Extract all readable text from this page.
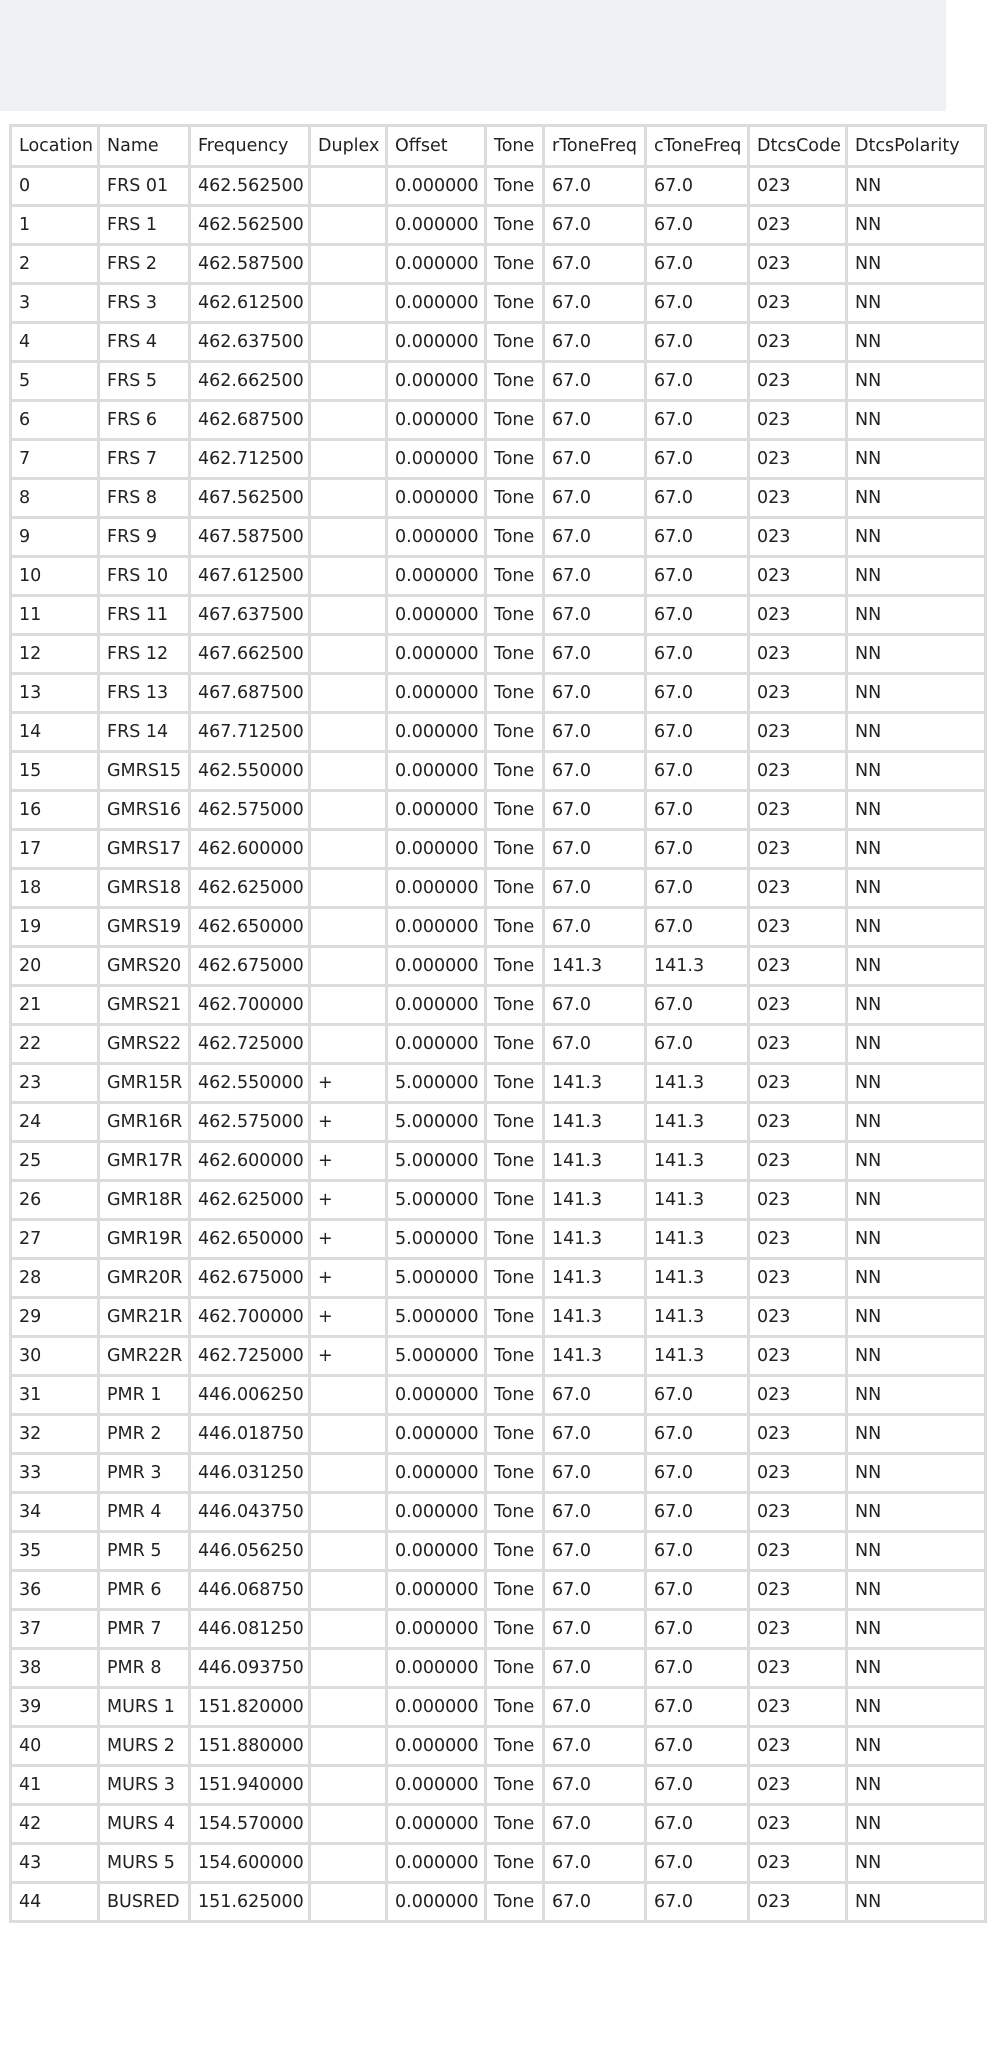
Location	Name	Frequency	Duplex	Offset	Tone	rToneFreq	cToneFreq	DtcsCode	DtcsPolarity
0	FRS 01	462.562500		0.000000	Tone	67.0	67.0	023	NN
1	FRS 1	462.562500		0.000000	Tone	67.0	67.0	023	NN
2	FRS 2	462.587500		0.000000	Tone	67.0	67.0	023	NN
3	FRS 3	462.612500		0.000000	Tone	67.0	67.0	023	NN
4	FRS 4	462.637500		0.000000	Tone	67.0	67.0	023	NN
5	FRS 5	462.662500		0.000000	Tone	67.0	67.0	023	NN
6	FRS 6	462.687500		0.000000	Tone	67.0	67.0	023	NN
7	FRS 7	462.712500		0.000000	Tone	67.0	67.0	023	NN
8	FRS 8	467.562500		0.000000	Tone	67.0	67.0	023	NN
9	FRS 9	467.587500		0.000000	Tone	67.0	67.0	023	NN
10	FRS 10	467.612500		0.000000	Tone	67.0	67.0	023	NN
11	FRS 11	467.637500		0.000000	Tone	67.0	67.0	023	NN
12	FRS 12	467.662500		0.000000	Tone	67.0	67.0	023	NN
13	FRS 13	467.687500		0.000000	Tone	67.0	67.0	023	NN
14	FRS 14	467.712500		0.000000	Tone	67.0	67.0	023	NN
15	GMRS15	462.550000		0.000000	Tone	67.0	67.0	023	NN
16	GMRS16	462.575000		0.000000	Tone	67.0	67.0	023	NN
17	GMRS17	462.600000		0.000000	Tone	67.0	67.0	023	NN
18	GMRS18	462.625000		0.000000	Tone	67.0	67.0	023	NN
19	GMRS19	462.650000		0.000000	Tone	67.0	67.0	023	NN
20	GMRS20	462.675000		0.000000	Tone	141.3	141.3	023	NN
21	GMRS21	462.700000		0.000000	Tone	67.0	67.0	023	NN
22	GMRS22	462.725000		0.000000	Tone	67.0	67.0	023	NN
23	GMR15R	462.550000	+	5.000000	Tone	141.3	141.3	023	NN
24	GMR16R	462.575000	+	5.000000	Tone	141.3	141.3	023	NN
25	GMR17R	462.600000	+	5.000000	Tone	141.3	141.3	023	NN
26	GMR18R	462.625000	+	5.000000	Tone	141.3	141.3	023	NN
27	GMR19R	462.650000	+	5.000000	Tone	141.3	141.3	023	NN
28	GMR20R	462.675000	+	5.000000	Tone	141.3	141.3	023	NN
29	GMR21R	462.700000	+	5.000000	Tone	141.3	141.3	023	NN
30	GMR22R	462.725000	+	5.000000	Tone	141.3	141.3	023	NN
31	PMR 1	446.006250		0.000000	Tone	67.0	67.0	023	NN
32	PMR 2	446.018750		0.000000	Tone	67.0	67.0	023	NN
33	PMR 3	446.031250		0.000000	Tone	67.0	67.0	023	NN
34	PMR 4	446.043750		0.000000	Tone	67.0	67.0	023	NN
35	PMR 5	446.056250		0.000000	Tone	67.0	67.0	023	NN
36	PMR 6	446.068750		0.000000	Tone	67.0	67.0	023	NN
37	PMR 7	446.081250		0.000000	Tone	67.0	67.0	023	NN
38	PMR 8	446.093750		0.000000	Tone	67.0	67.0	023	NN
39	MURS 1	151.820000		0.000000	Tone	67.0	67.0	023	NN
40	MURS 2	151.880000		0.000000	Tone	67.0	67.0	023	NN
41	MURS 3	151.940000		0.000000	Tone	67.0	67.0	023	NN
42	MURS 4	154.570000		0.000000	Tone	67.0	67.0	023	NN
43	MURS 5	154.600000		0.000000	Tone	67.0	67.0	023	NN
44	BUSRED	151.625000		0.000000	Tone	67.0	67.0	023	NN
